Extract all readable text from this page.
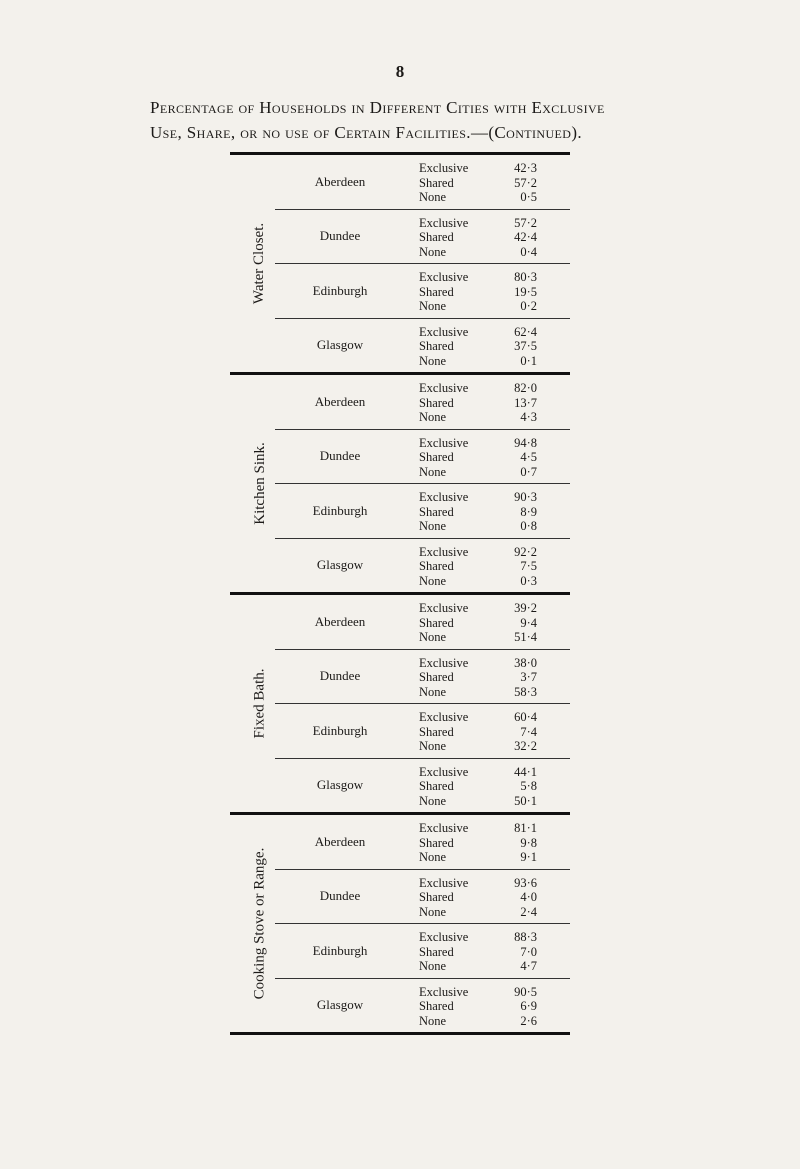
8
Percentage of Households in Different Cities with Exclusive
Use, Share, or no use of Certain Facilities.—(Continued).
Water Closet.
Aberdeen
Exclusive	42·3
Shared	57·2
None	0·5
Dundee
Exclusive	57·2
Shared	42·4
None	0·4
Edinburgh
Exclusive	80·3
Shared	19·5
None	0·2
Glasgow
Exclusive	62·4
Shared	37·5
None	0·1
Kitchen Sink.
Aberdeen
Exclusive	82·0
Shared	13·7
None	4·3
Dundee
Exclusive	94·8
Shared	4·5
None	0·7
Edinburgh
Exclusive	90·3
Shared	8·9
None	0·8
Glasgow
Exclusive	92·2
Shared	7·5
None	0·3
Fixed Bath.
Aberdeen
Exclusive	39·2
Shared	9·4
None	51·4
Dundee
Exclusive	38·0
Shared	3·7
None	58·3
Edinburgh
Exclusive	60·4
Shared	7·4
None	32·2
Glasgow
Exclusive	44·1
Shared	5·8
None	50·1
Cooking Stove or Range.
Aberdeen
Exclusive	81·1
Shared	9·8
None	9·1
Dundee
Exclusive	93·6
Shared	4·0
None	2·4
Edinburgh
Exclusive	88·3
Shared	7·0
None	4·7
Glasgow
Exclusive	90·5
Shared	6·9
None	2·6
